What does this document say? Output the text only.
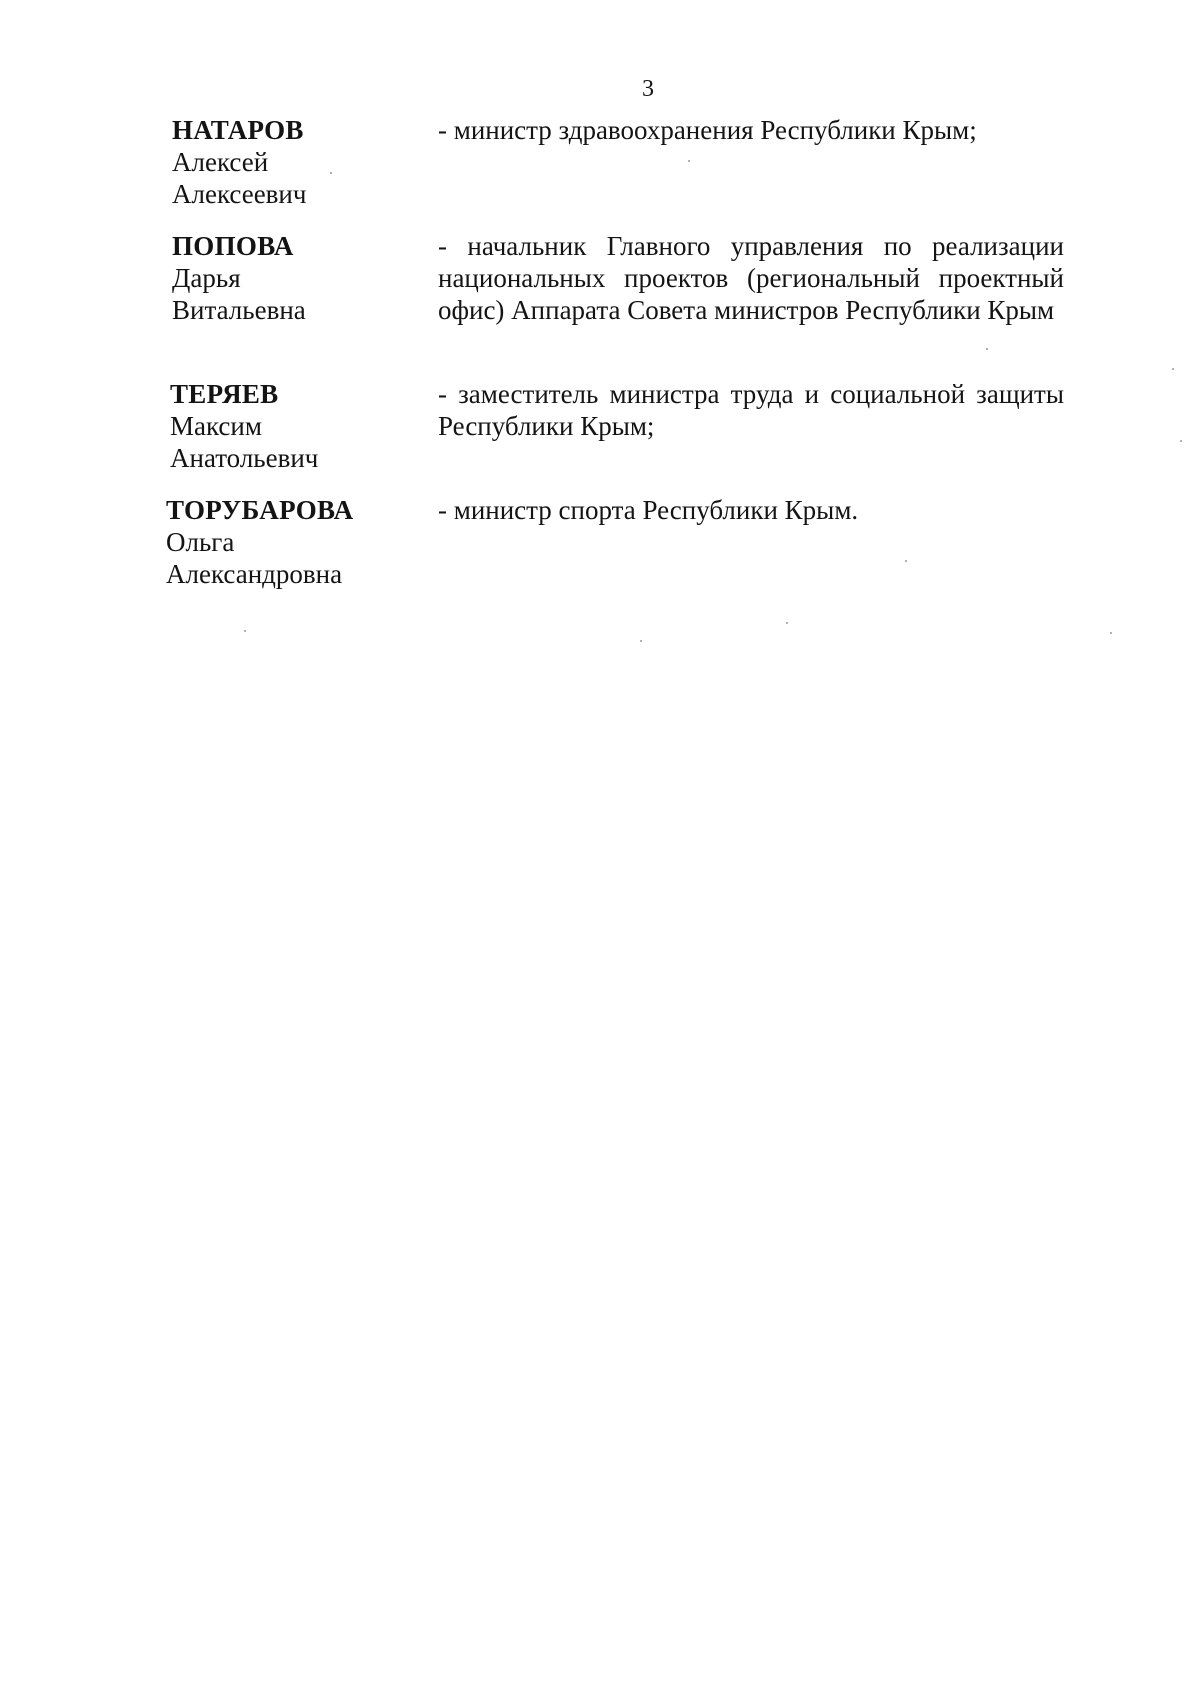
3
НАТАРОВ
Алексей
Алексеевич
- министр здравоохранения Республики Крым;
ПОПОВА
Дарья
Витальевна
- начальник Главного управления по реализации национальных проектов (региональный проектный офис) Аппарата Совета министров Республики Крым
ТЕРЯЕВ
Максим
Анатольевич
- заместитель министра труда и социальной защиты Республики Крым;
ТОРУБАРОВА
Ольга
Александровна
- министр спорта Республики Крым.
